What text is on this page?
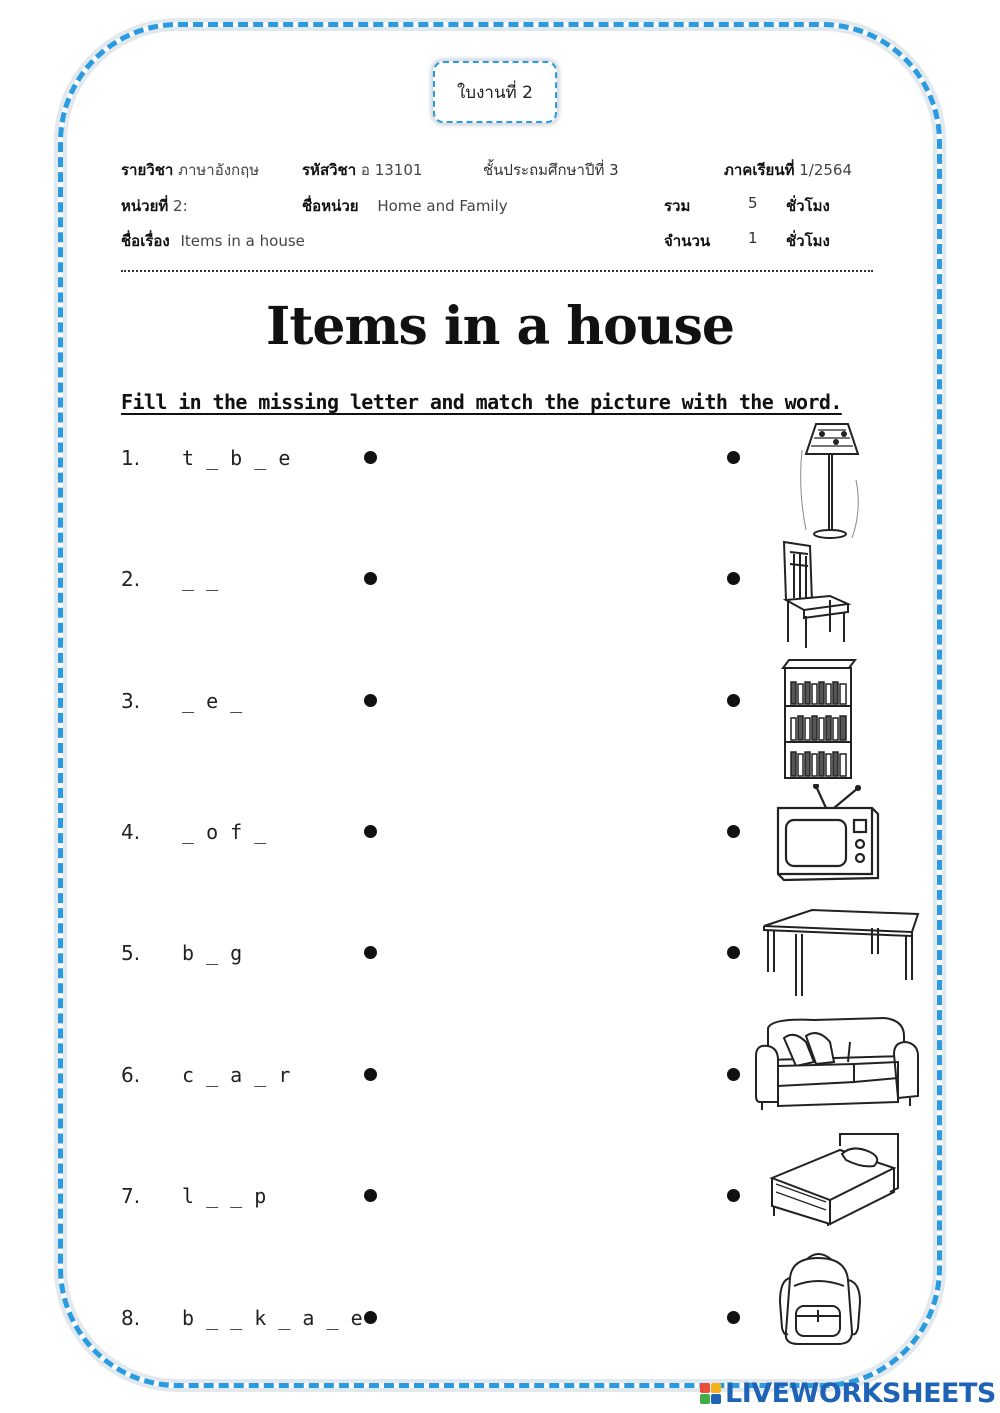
ใบงานที่ 2
รายวิชา ภาษาอังกฤษ	รหัสวิชา อ 13101	ชั้นประถมศึกษาปีที่ 3	ภาคเรียนที่ 1/2564
หน่วยที่ 2:	ชื่อหน่วย Home and Family	รวม	5 ชั่วโมง
ชื่อเรื่อง Items in a house	จำนวน	1 ชั่วโมง
Items in a house
Fill in the missing letter and match the picture with the word.
1. t _ b _ e
2. _ _
3. _ e _
4. _ o f _
5. b _ g
6. c _ a _ r
7. l _ _ p
8. b _ _ k _ a _ e
LIVEWORKSHEETS
